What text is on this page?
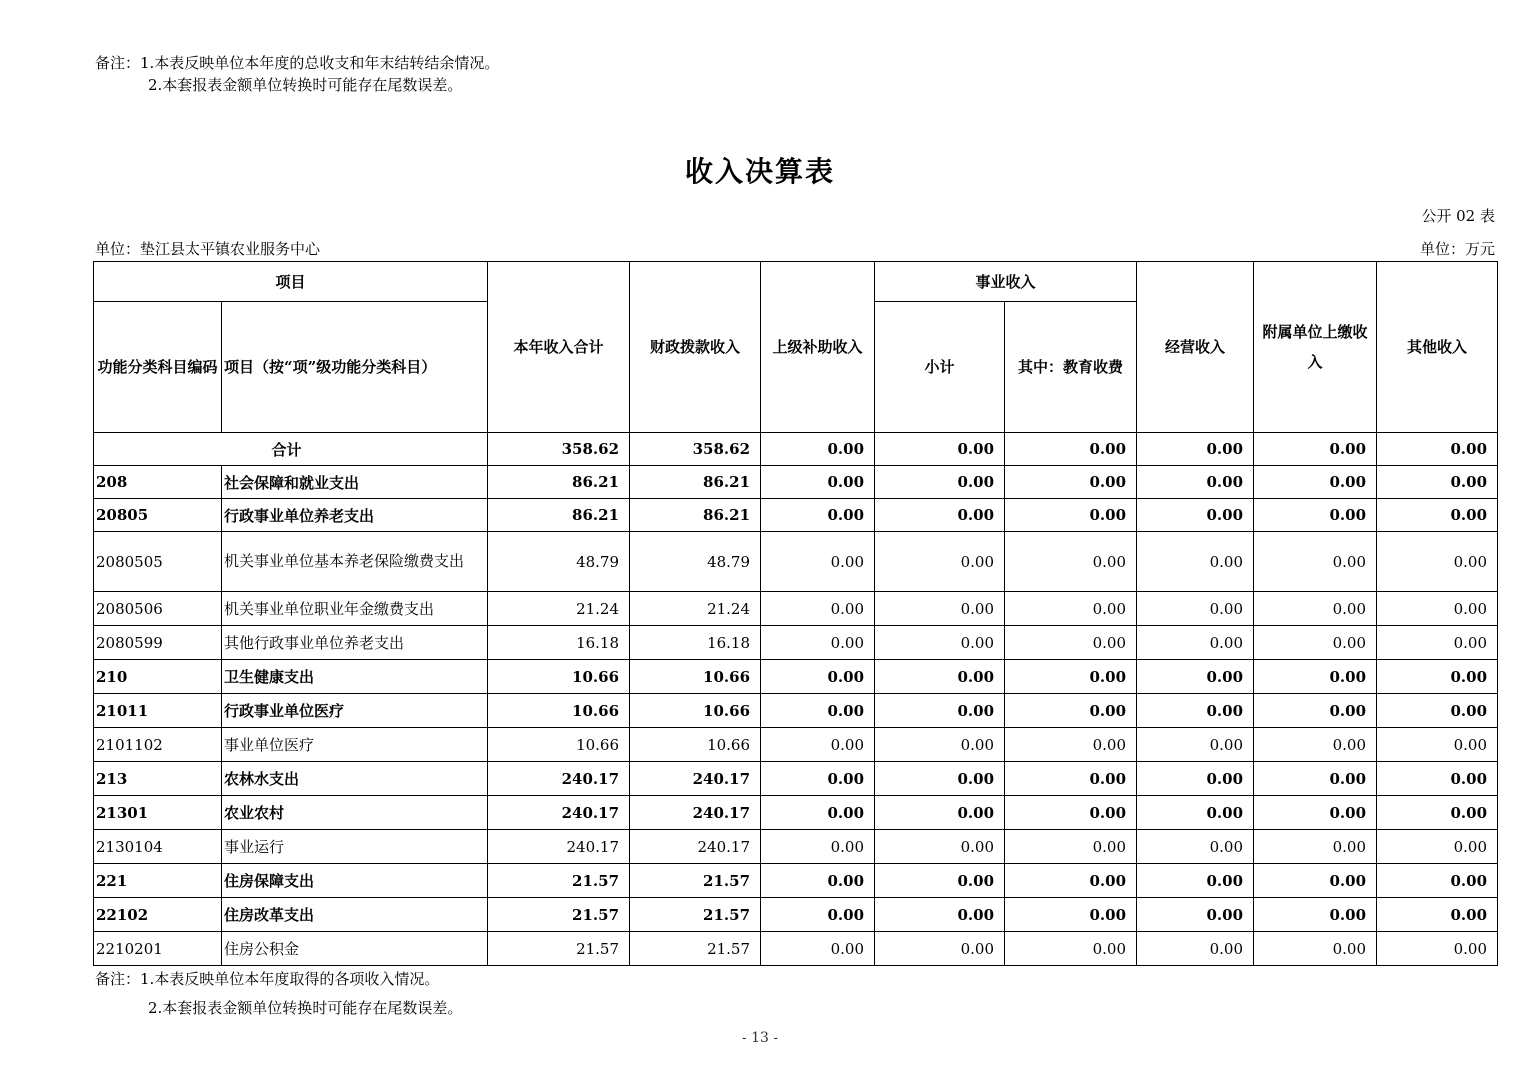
备注：1.本表反映单位本年度的总收支和年末结转结余情况。
2.本套报表金额单位转换时可能存在尾数误差。
收入决算表
公开 02 表
单位：垫江县太平镇农业服务中心	单位：万元
项目		本年收入合计	财政拨款收入	上级补助收入	事业收入		经营收入	附属单位上缴收入	其他收入
功能分类科目编码	项目（按“项”级功能分类科目）				小计	其中：教育收费			
合计		358.62	358.62	0.00	0.00	0.00	0.00	0.00	0.00
208	社会保障和就业支出	86.21	86.21	0.00	0.00	0.00	0.00	0.00	0.00
20805	行政事业单位养老支出	86.21	86.21	0.00	0.00	0.00	0.00	0.00	0.00
2080505	机关事业单位基本养老保险缴费支出	48.79	48.79	0.00	0.00	0.00	0.00	0.00	0.00
2080506	机关事业单位职业年金缴费支出	21.24	21.24	0.00	0.00	0.00	0.00	0.00	0.00
2080599	其他行政事业单位养老支出	16.18	16.18	0.00	0.00	0.00	0.00	0.00	0.00
210	卫生健康支出	10.66	10.66	0.00	0.00	0.00	0.00	0.00	0.00
21011	行政事业单位医疗	10.66	10.66	0.00	0.00	0.00	0.00	0.00	0.00
2101102	事业单位医疗	10.66	10.66	0.00	0.00	0.00	0.00	0.00	0.00
213	农林水支出	240.17	240.17	0.00	0.00	0.00	0.00	0.00	0.00
21301	农业农村	240.17	240.17	0.00	0.00	0.00	0.00	0.00	0.00
2130104	事业运行	240.17	240.17	0.00	0.00	0.00	0.00	0.00	0.00
221	住房保障支出	21.57	21.57	0.00	0.00	0.00	0.00	0.00	0.00
22102	住房改革支出	21.57	21.57	0.00	0.00	0.00	0.00	0.00	0.00
2210201	住房公积金	21.57	21.57	0.00	0.00	0.00	0.00	0.00	0.00
备注：1.本表反映单位本年度取得的各项收入情况。
2.本套报表金额单位转换时可能存在尾数误差。
- 13 -
